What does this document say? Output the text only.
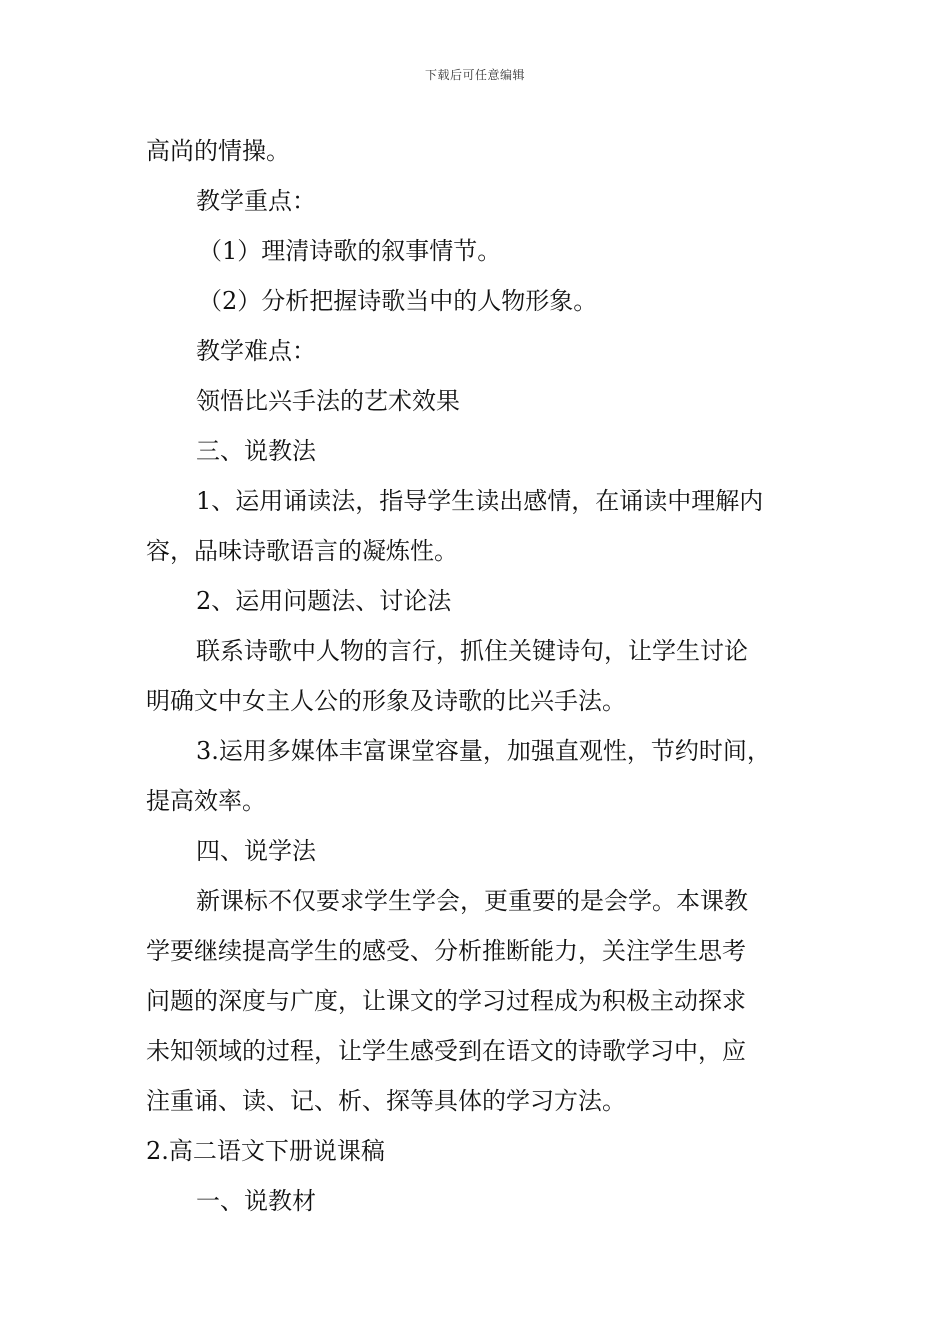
下载后可任意编辑
高尚的情操。
教学重点：
（1）理清诗歌的叙事情节。
（2）分析把握诗歌当中的人物形象。
教学难点：
领悟比兴手法的艺术效果
三、说教法
1、运用诵读法，指导学生读出感情，在诵读中理解内
容，品味诗歌语言的凝炼性。
2、运用问题法、讨论法
联系诗歌中人物的言行，抓住关键诗句，让学生讨论
明确文中女主人公的形象及诗歌的比兴手法。
3.运用多媒体丰富课堂容量，加强直观性，节约时间，
提高效率。
四、说学法
新课标不仅要求学生学会，更重要的是会学。本课教
学要继续提高学生的感受、分析推断能力，关注学生思考
问题的深度与广度，让课文的学习过程成为积极主动探求
未知领域的过程，让学生感受到在语文的诗歌学习中，应
注重诵、读、记、析、探等具体的学习方法。
2.高二语文下册说课稿
一、说教材
